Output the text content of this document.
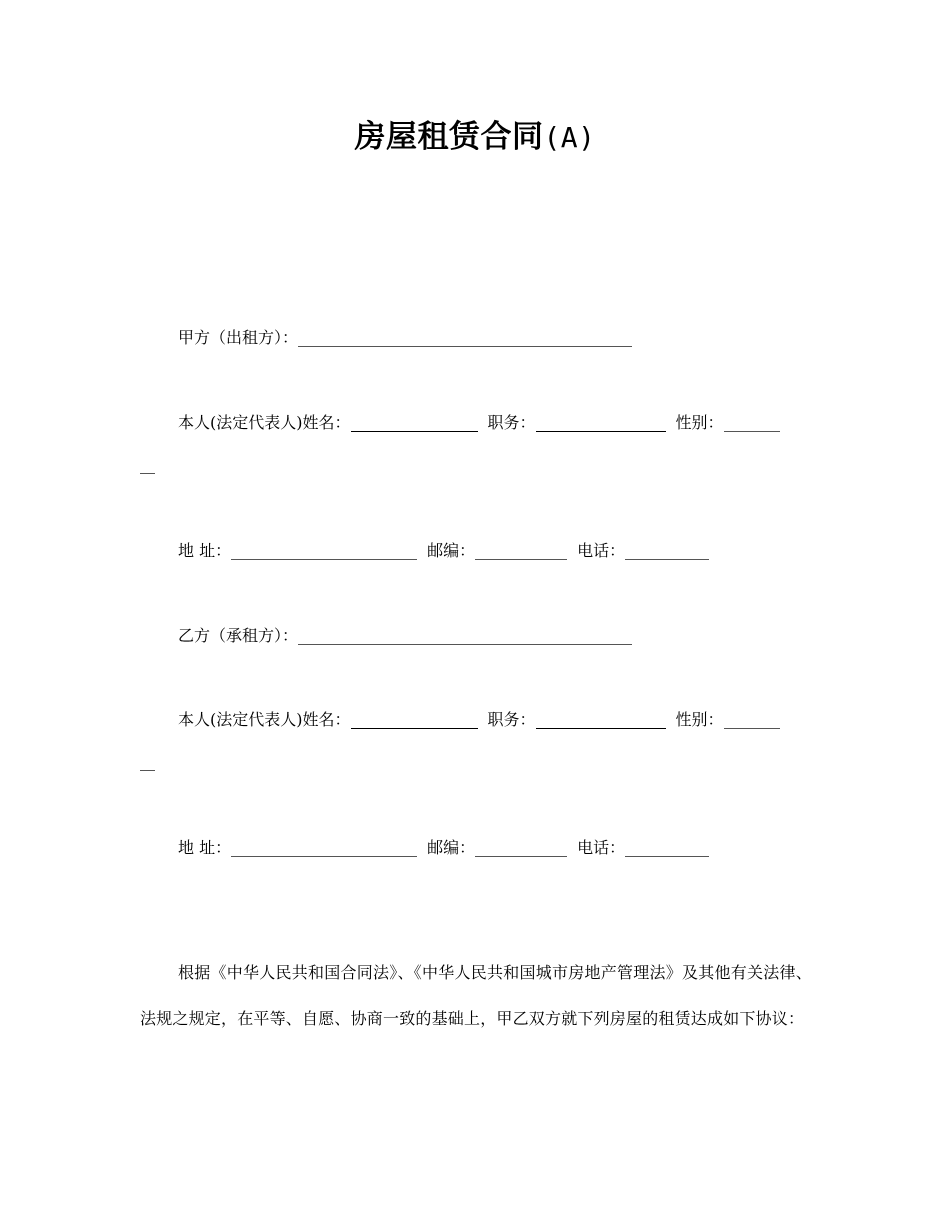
房屋租赁合同(A)
甲方（出租方）：
本人(法定代表人)姓名：	职务：	性别：
地 址：	邮编：	电话：
乙方（承租方）：
本人(法定代表人)姓名：	职务：	性别：
地 址：	邮编：	电话：
根据《中华人民共和国合同法》、《中华人民共和国城市房地产管理法》及其他有关法律、法规之规定，在平等、自愿、协商一致的基础上，甲乙双方就下列房屋的租赁达成如下协议：
